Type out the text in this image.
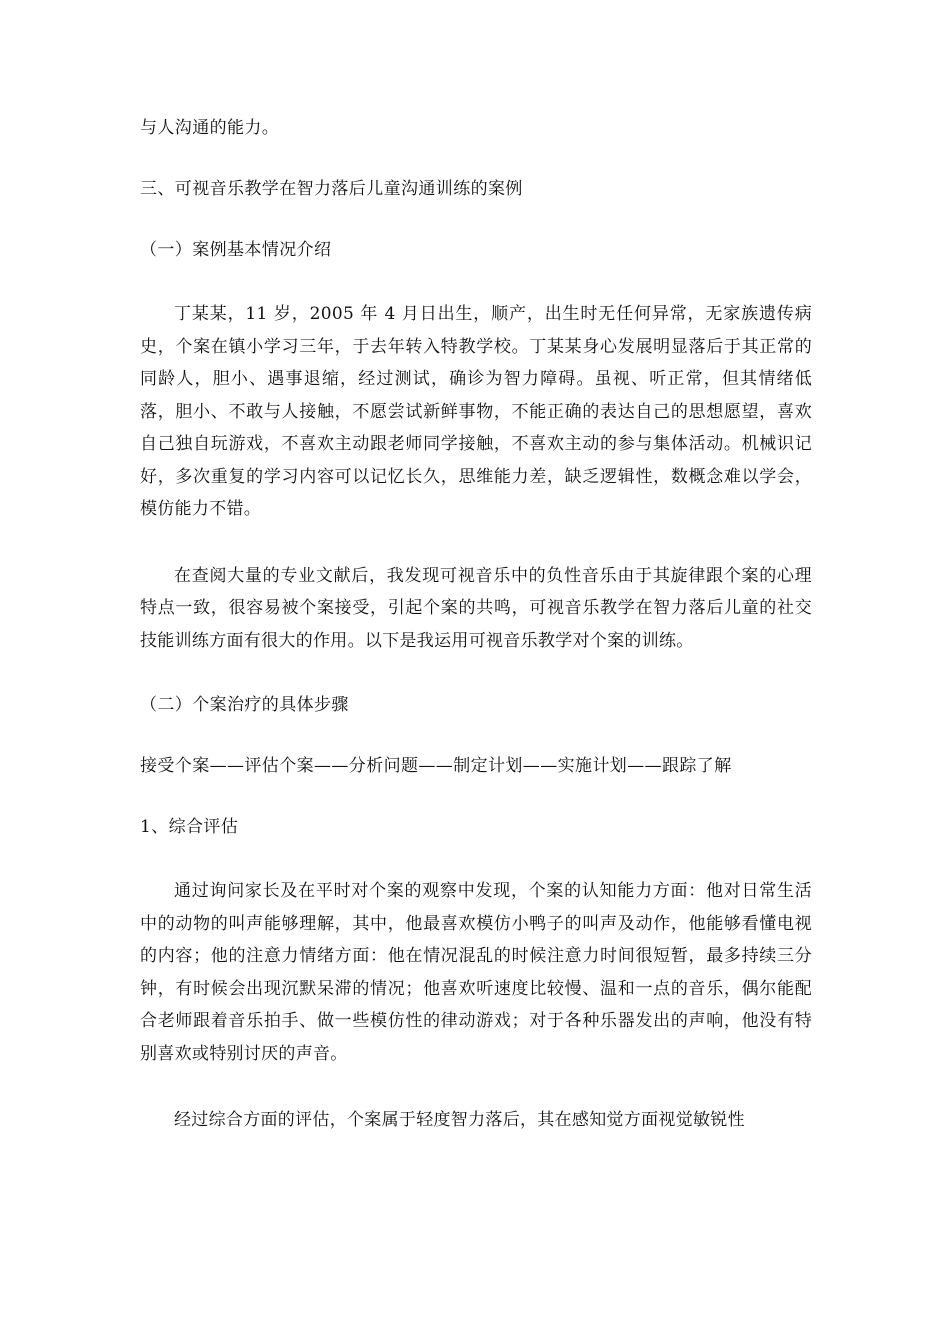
与人沟通的能力。
三、可视音乐教学在智力落后儿童沟通训练的案例
（一）案例基本情况介绍
丁某某，11 岁，2005 年 4 月日出生，顺产，出生时无任何异常，无家族遗传病史，个案在镇小学习三年，于去年转入特教学校。丁某某身心发展明显落后于其正常的同龄人，胆小、遇事退缩，经过测试，确诊为智力障碍。虽视、听正常，但其情绪低落，胆小、不敢与人接触，不愿尝试新鲜事物，不能正确的表达自己的思想愿望，喜欢自己独自玩游戏，不喜欢主动跟老师同学接触，不喜欢主动的参与集体活动。机械识记好，多次重复的学习内容可以记忆长久，思维能力差，缺乏逻辑性，数概念难以学会，模仿能力不错。
在查阅大量的专业文献后，我发现可视音乐中的负性音乐由于其旋律跟个案的心理特点一致，很容易被个案接受，引起个案的共鸣，可视音乐教学在智力落后儿童的社交技能训练方面有很大的作用。以下是我运用可视音乐教学对个案的训练。
（二）个案治疗的具体步骤
接受个案——评估个案——分析问题——制定计划——实施计划——跟踪了解
1、综合评估
通过询问家长及在平时对个案的观察中发现，个案的认知能力方面：他对日常生活中的动物的叫声能够理解，其中，他最喜欢模仿小鸭子的叫声及动作，他能够看懂电视的内容；他的注意力情绪方面：他在情况混乱的时候注意力时间很短暂，最多持续三分钟，有时候会出现沉默呆滞的情况；他喜欢听速度比较慢、温和一点的音乐，偶尔能配合老师跟着音乐拍手、做一些模仿性的律动游戏；对于各种乐器发出的声响，他没有特别喜欢或特别讨厌的声音。
经过综合方面的评估，个案属于轻度智力落后，其在感知觉方面视觉敏锐性
